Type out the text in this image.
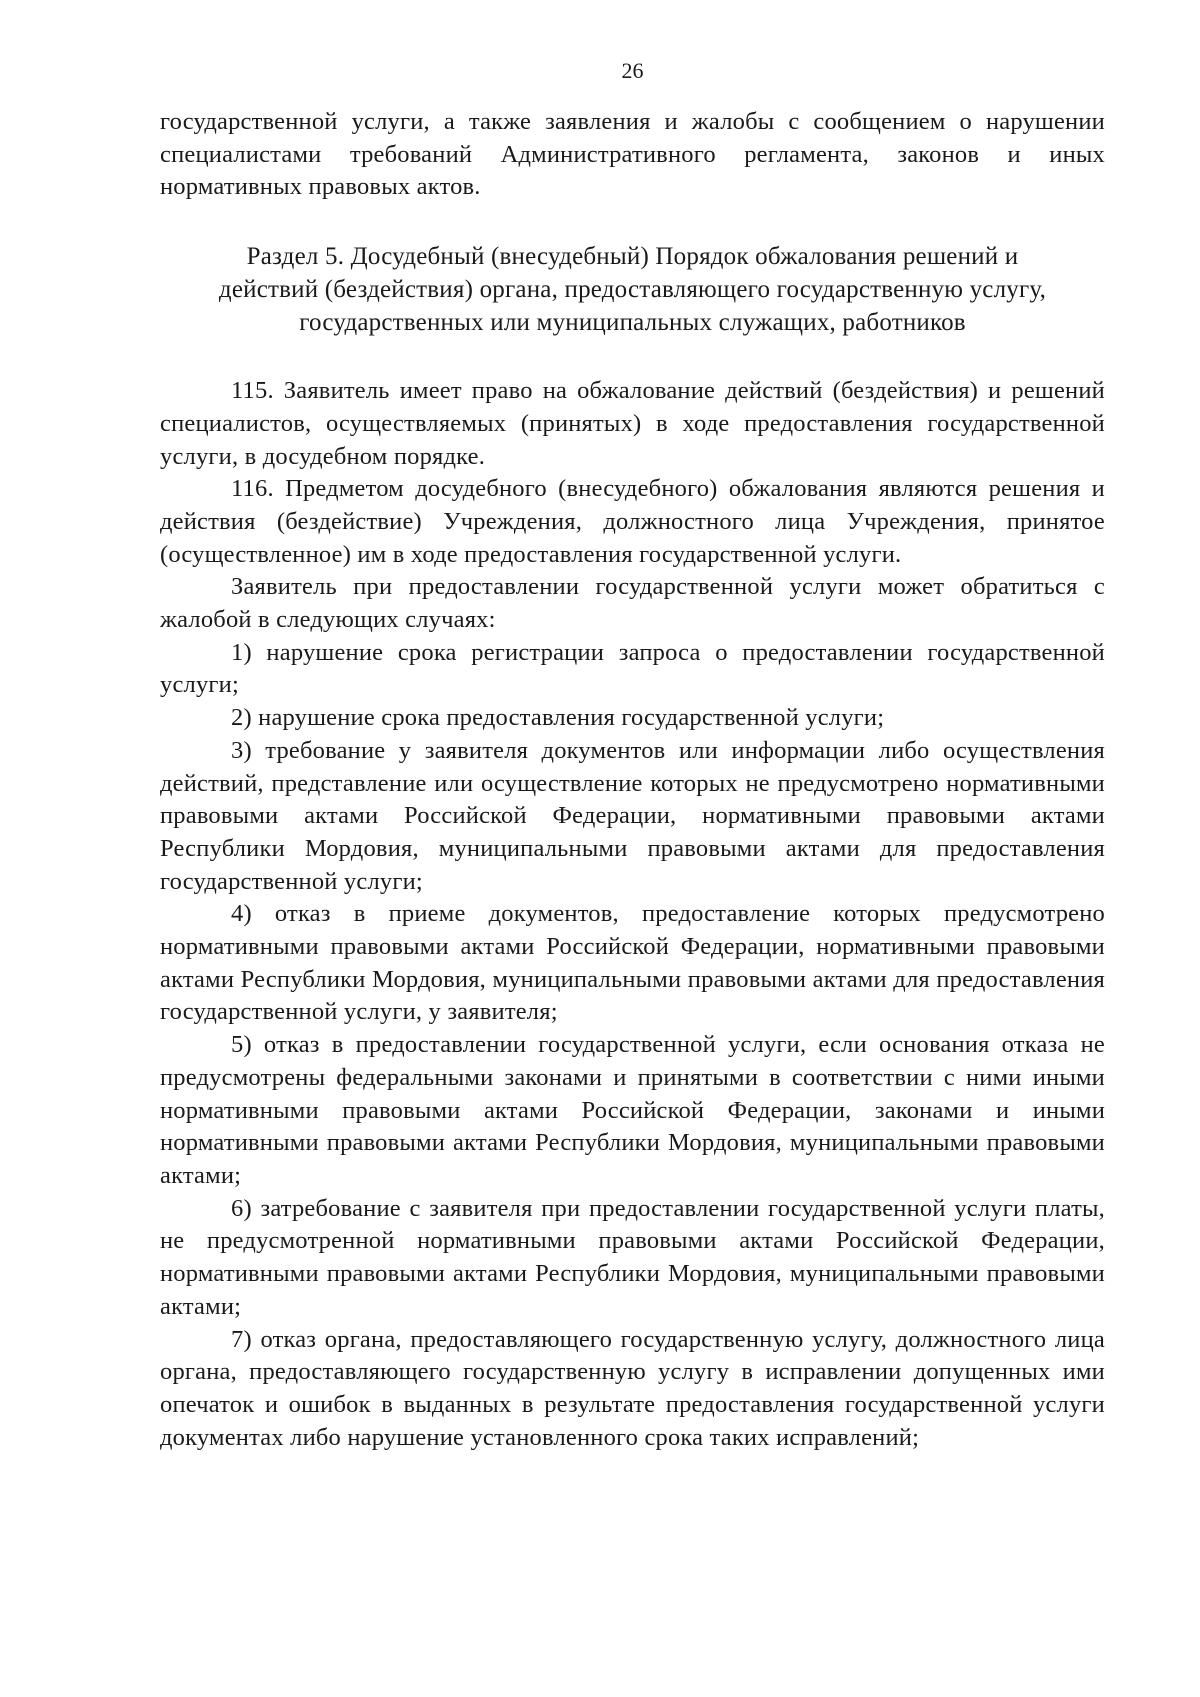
26

государственной услуги, а также заявления и жалобы с сообщением о нарушении специалистами требований Административного регламента, законов и иных нормативных правовых актов.

Раздел 5. Досудебный (внесудебный) Порядок обжалования решений и
действий (бездействия) органа, предоставляющего государственную услугу,
государственных или муниципальных служащих, работников

115. Заявитель имеет право на обжалование действий (бездействия) и решений специалистов, осуществляемых (принятых) в ходе предоставления государственной услуги, в досудебном порядке.

116. Предметом досудебного (внесудебного) обжалования являются решения и действия (бездействие) Учреждения, должностного лица Учреждения, принятое (осуществленное) им в ходе предоставления государственной услуги.

Заявитель при предоставлении государственной услуги может обратиться с жалобой в следующих случаях:

1) нарушение срока регистрации запроса о предоставлении государственной услуги;

2) нарушение срока предоставления государственной услуги;

3) требование у заявителя документов или информации либо осуществления действий, представление или осуществление которых не предусмотрено нормативными правовыми актами Российской Федерации, нормативными правовыми актами Республики Мордовия, муниципальными правовыми актами для предоставления государственной услуги;

4) отказ в приеме документов, предоставление которых предусмотрено нормативными правовыми актами Российской Федерации, нормативными правовыми актами Республики Мордовия, муниципальными правовыми актами для предоставления государственной услуги, у заявителя;

5) отказ в предоставлении государственной услуги, если основания отказа не предусмотрены федеральными законами и принятыми в соответствии с ними иными нормативными правовыми актами Российской Федерации, законами и иными нормативными правовыми актами Республики Мордовия, муниципальными правовыми актами;

6) затребование с заявителя при предоставлении государственной услуги платы, не предусмотренной нормативными правовыми актами Российской Федерации, нормативными правовыми актами Республики Мордовия, муниципальными правовыми актами;

7) отказ органа, предоставляющего государственную услугу, должностного лица органа, предоставляющего государственную услугу в исправлении допущенных ими опечаток и ошибок в выданных в результате предоставления государственной услуги документах либо нарушение установленного срока таких исправлений;
